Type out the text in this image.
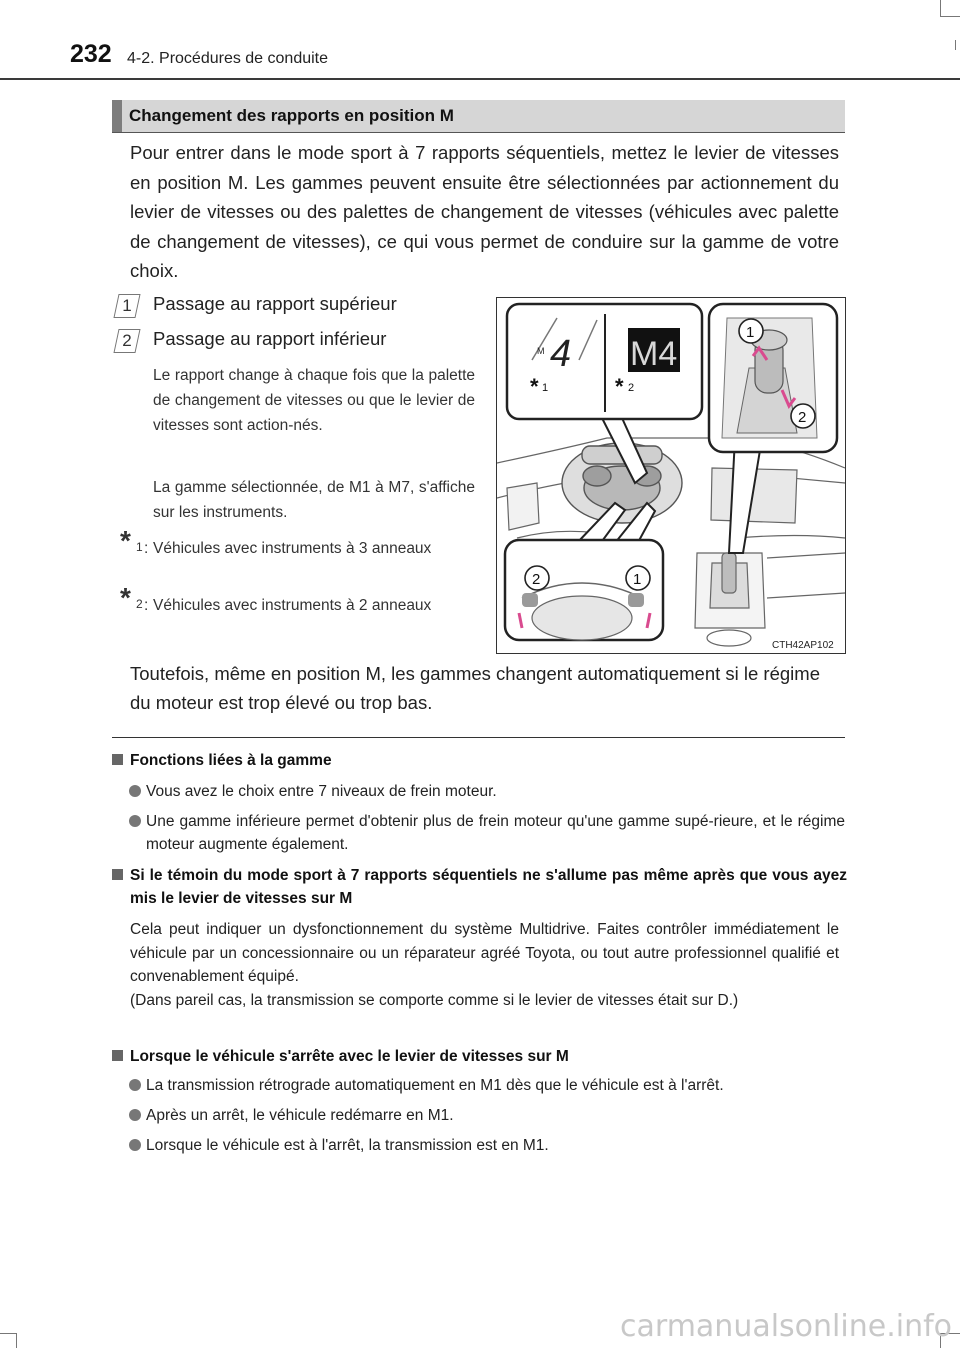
232 4-2. Procédures de conduite
Changement des rapports en position M
Pour entrer dans le mode sport à 7 rapports séquentiels, mettez le levier de vitesses en position M. Les gammes peuvent ensuite être sélectionnées par actionnement du levier de vitesses ou des palettes de changement de vitesses (véhicules avec palette de changement de vitesses), ce qui vous permet de conduire sur la gamme de votre choix.
1	Passage au rapport supérieur
2	Passage au rapport inférieur
Le rapport change à chaque fois que la palette de changement de vitesses ou que le levier de vitesses sont action-nés.
La gamme sélectionnée, de M1 à M7, s'affiche sur les instruments.
* 1 : Véhicules avec instruments à 3 anneaux
* 2 : Véhicules avec instruments à 2 anneaux
M 4 M4
* 1	* 2
1
2
2	1
CTH42AP102
Toutefois, même en position M, les gammes changent automatiquement si le régime du moteur est trop élevé ou trop bas.
Fonctions liées à la gamme
Vous avez le choix entre 7 niveaux de frein moteur.
Une gamme inférieure permet d'obtenir plus de frein moteur qu'une gamme supé-rieure, et le régime moteur augmente également.
Si le témoin du mode sport à 7 rapports séquentiels ne s'allume pas même après que vous ayez mis le levier de vitesses sur M
Cela peut indiquer un dysfonctionnement du système Multidrive. Faites contrôler immédiatement le véhicule par un concessionnaire ou un réparateur agréé Toyota, ou tout autre professionnel qualifié et convenablement équipé.
(Dans pareil cas, la transmission se comporte comme si le levier de vitesses était sur D.)
Lorsque le véhicule s'arrête avec le levier de vitesses sur M
La transmission rétrograde automatiquement en M1 dès que le véhicule est à l'arrêt.
Après un arrêt, le véhicule redémarre en M1.
Lorsque le véhicule est à l'arrêt, la transmission est en M1.
carmanualsonline.info
